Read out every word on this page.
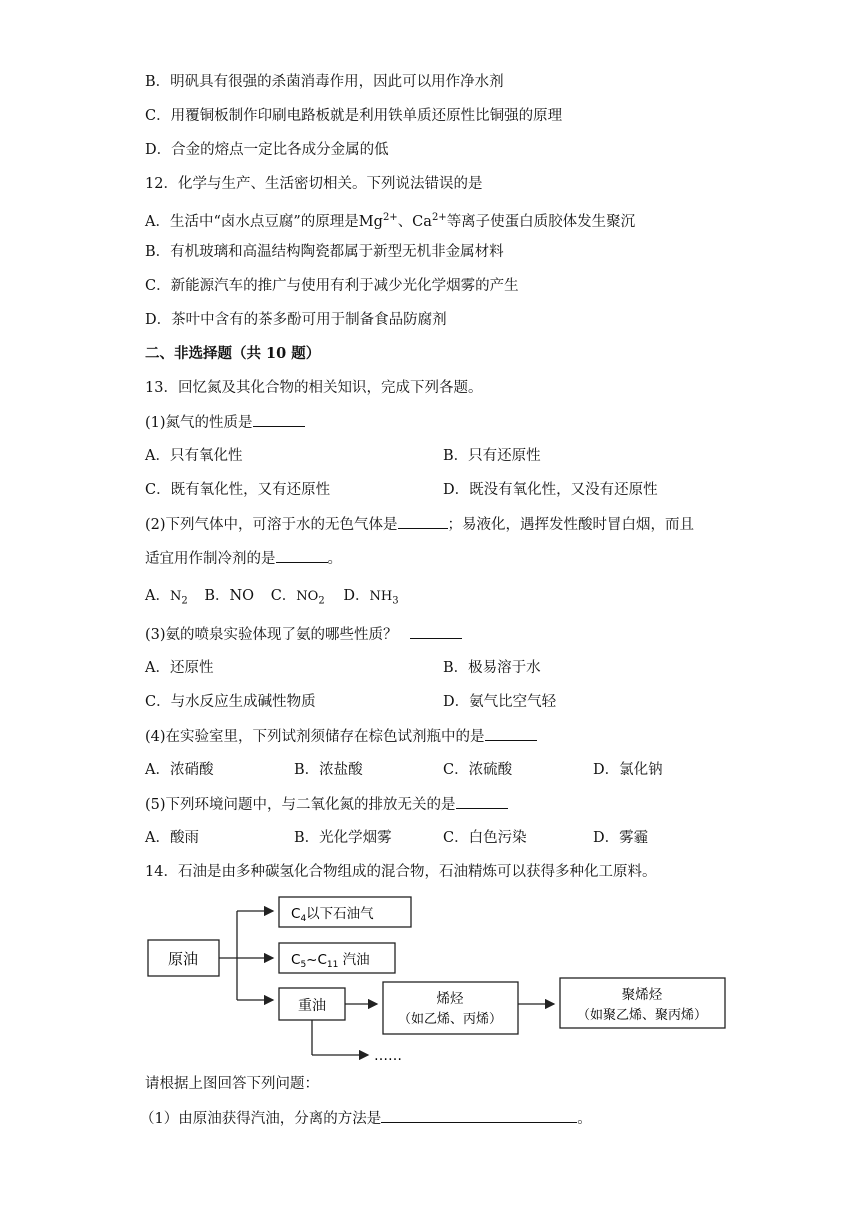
B．明矾具有很强的杀菌消毒作用，因此可以用作净水剂
C．用覆铜板制作印刷电路板就是利用铁单质还原性比铜强的原理
D．合金的熔点一定比各成分金属的低
12．化学与生产、生活密切相关。下列说法错误的是
A．生活中“卤水点豆腐”的原理是$Mg^{2+}$、$Ca^{2+}$等离子使蛋白质胶体发生聚沉
B．有机玻璃和高温结构陶瓷都属于新型无机非金属材料
C．新能源汽车的推广与使用有利于减少光化学烟雾的产生
D．茶叶中含有的茶多酚可用于制备食品防腐剂
二、非选择题（共 10 题）
13．回忆氮及其化合物的相关知识，完成下列各题。
(1)氮气的性质是
A．只有氧化性	B．只有还原性
C．既有氧化性，又有还原性	D．既没有氧化性，又没有还原性
(2)下列气体中，可溶于水的无色气体是	；易液化，遇挥发性酸时冒白烟，而且
适宜用作制冷剂的是	。
A．$N_2$ B．NO C．$NO_2$ D．$NH_3$
(3)氨的喷泉实验体现了氨的哪些性质？
A．还原性	B．极易溶于水
C．与水反应生成碱性物质	D．氨气比空气轻
(4)在实验室里，下列试剂须储存在棕色试剂瓶中的是
A．浓硝酸	B．浓盐酸	C．浓硫酸	D．氯化钠
(5)下列环境问题中，与二氧化氮的排放无关的是
A．酸雨	B．光化学烟雾	C．白色污染	D．雾霾
14．石油是由多种碳氢化合物组成的混合物，石油精炼可以获得多种化工原料。
原油
$C_4$以下石油气
$C_5\sim C_{11}$ 汽油
重油
……
烯烃
（如乙烯、丙烯）
聚烯烃
（如聚乙烯、聚丙烯）
请根据上图回答下列问题：
（1）由原油获得汽油，分离的方法是	。
